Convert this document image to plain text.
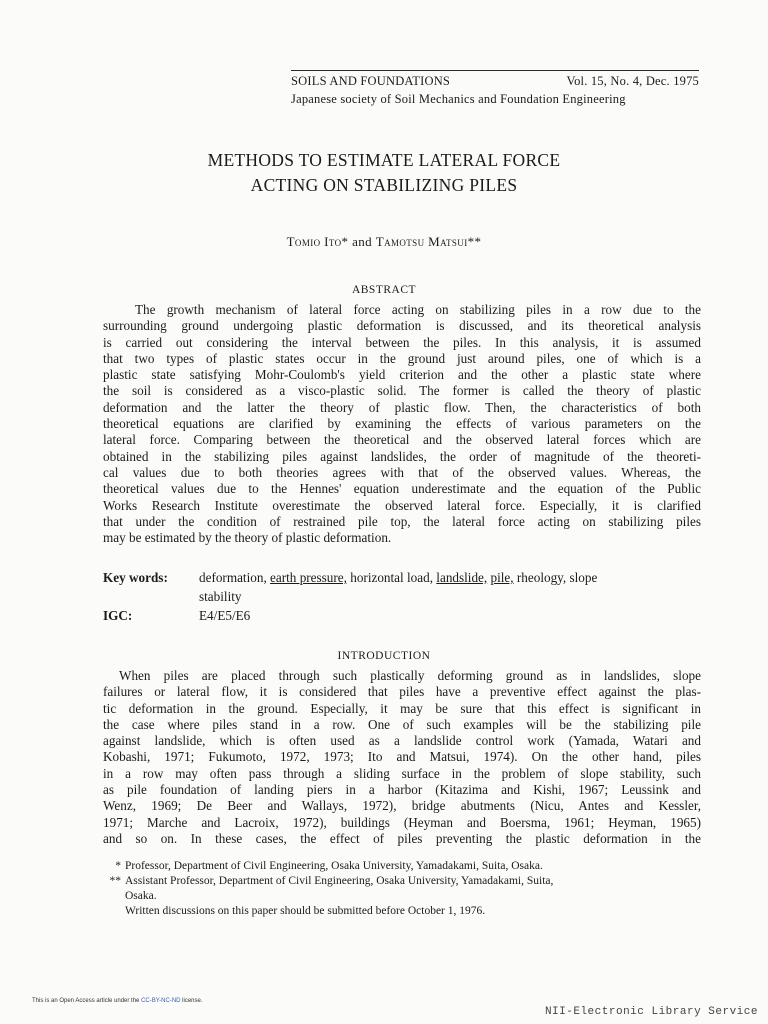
SOILS AND FOUNDATIONS	Vol. 15, No. 4, Dec. 1975
Japanese society of Soil Mechanics and Foundation Engineering
METHODS TO ESTIMATE LATERAL FORCE
ACTING ON STABILIZING PILES
Tomio Ito* and Tamotsu Matsui**
ABSTRACT
The growth mechanism of lateral force acting on stabilizing piles in a row due to the
surrounding ground undergoing plastic deformation is discussed, and its theoretical analysis
is carried out considering the interval between the piles. In this analysis, it is assumed
that two types of plastic states occur in the ground just around piles, one of which is a
plastic state satisfying Mohr-Coulomb's yield criterion and the other a plastic state where
the soil is considered as a visco-plastic solid. The former is called the theory of plastic
deformation and the latter the theory of plastic flow. Then, the characteristics of both
theoretical equations are clarified by examining the effects of various parameters on the
lateral force. Comparing between the theoretical and the observed lateral forces which are
obtained in the stabilizing piles against landslides, the order of magnitude of the theoreti-
cal values due to both theories agrees with that of the observed values. Whereas, the
theoretical values due to the Hennes' equation underestimate and the equation of the Public
Works Research Institute overestimate the observed lateral force. Especially, it is clarified
that under the condition of restrained pile top, the lateral force acting on stabilizing piles
may be estimated by the theory of plastic deformation.
Key words:	deformation, earth pressure, horizontal load, landslide, pile, rheology, slope
stability
IGC:	E4/E5/E6
INTRODUCTION
When piles are placed through such plastically deforming ground as in landslides, slope
failures or lateral flow, it is considered that piles have a preventive effect against the plas-
tic deformation in the ground. Especially, it may be sure that this effect is significant in
the case where piles stand in a row. One of such examples will be the stabilizing pile
against landslide, which is often used as a landslide control work (Yamada, Watari and
Kobashi, 1971; Fukumoto, 1972, 1973; Ito and Matsui, 1974). On the other hand, piles
in a row may often pass through a sliding surface in the problem of slope stability, such
as pile foundation of landing piers in a harbor (Kitazima and Kishi, 1967; Leussink and
Wenz, 1969; De Beer and Wallays, 1972), bridge abutments (Nicu, Antes and Kessler,
1971; Marche and Lacroix, 1972), buildings (Heyman and Boersma, 1961; Heyman, 1965)
and so on. In these cases, the effect of piles preventing the plastic deformation in the
* Professor, Department of Civil Engineering, Osaka University, Yamadakami, Suita, Osaka.
** Assistant Professor, Department of Civil Engineering, Osaka University, Yamadakami, Suita,
Osaka.
Written discussions on this paper should be submitted before October 1, 1976.
This is an Open Access article under the CC-BY-NC-ND license.
NII-Electronic Library Service
